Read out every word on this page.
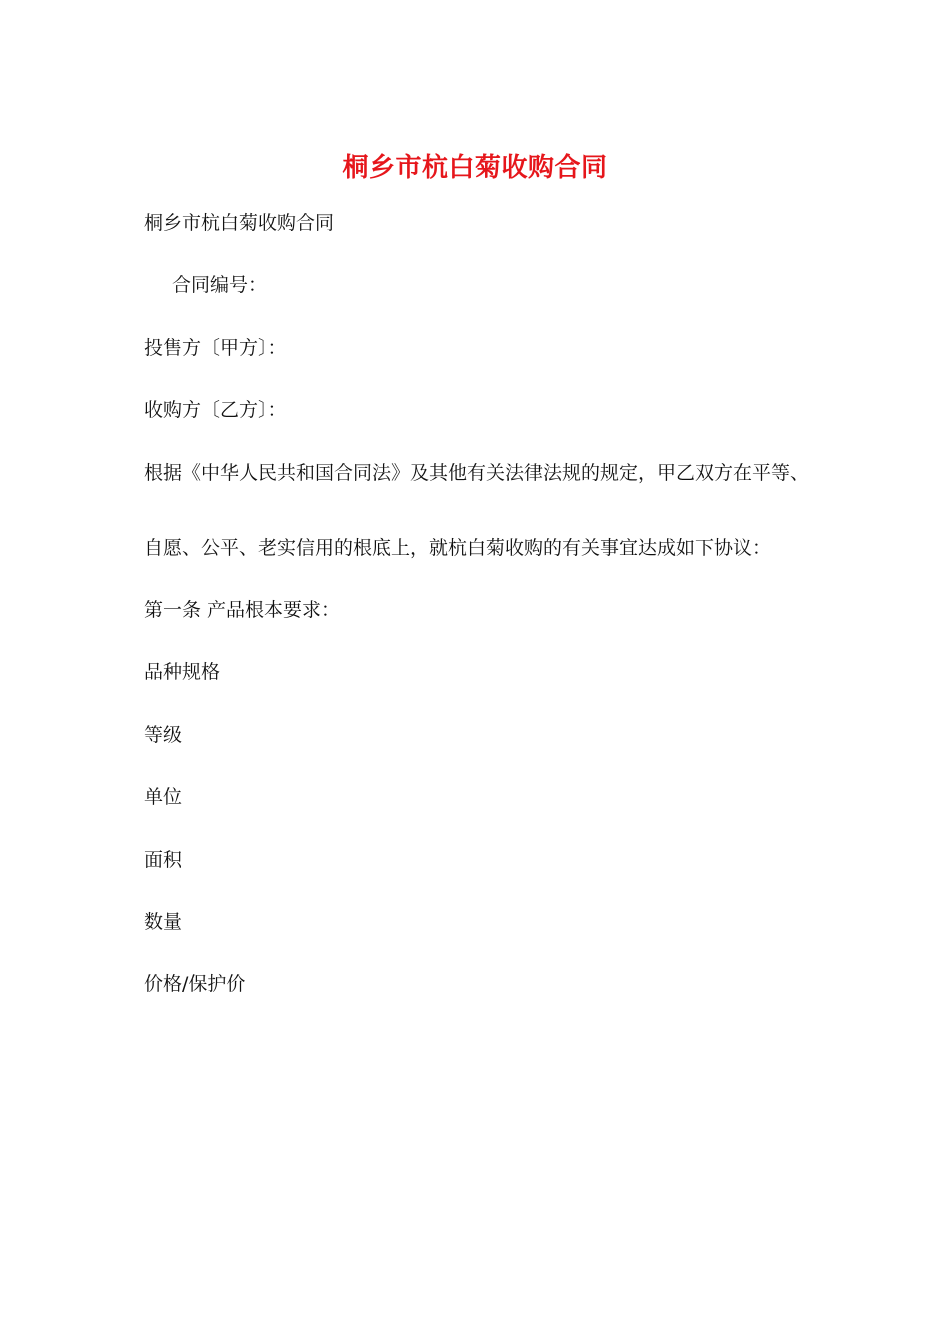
桐乡市杭白菊收购合同
桐乡市杭白菊收购合同
合同编号：
投售方〔甲方〕：
收购方〔乙方〕：
根据《中华人民共和国合同法》及其他有关法律法规的规定，甲乙双方在平等、
自愿、公平、老实信用的根底上，就杭白菊收购的有关事宜达成如下协议：
第一条 产品根本要求：
品种规格
等级
单位
面积
数量
价格/保护价
